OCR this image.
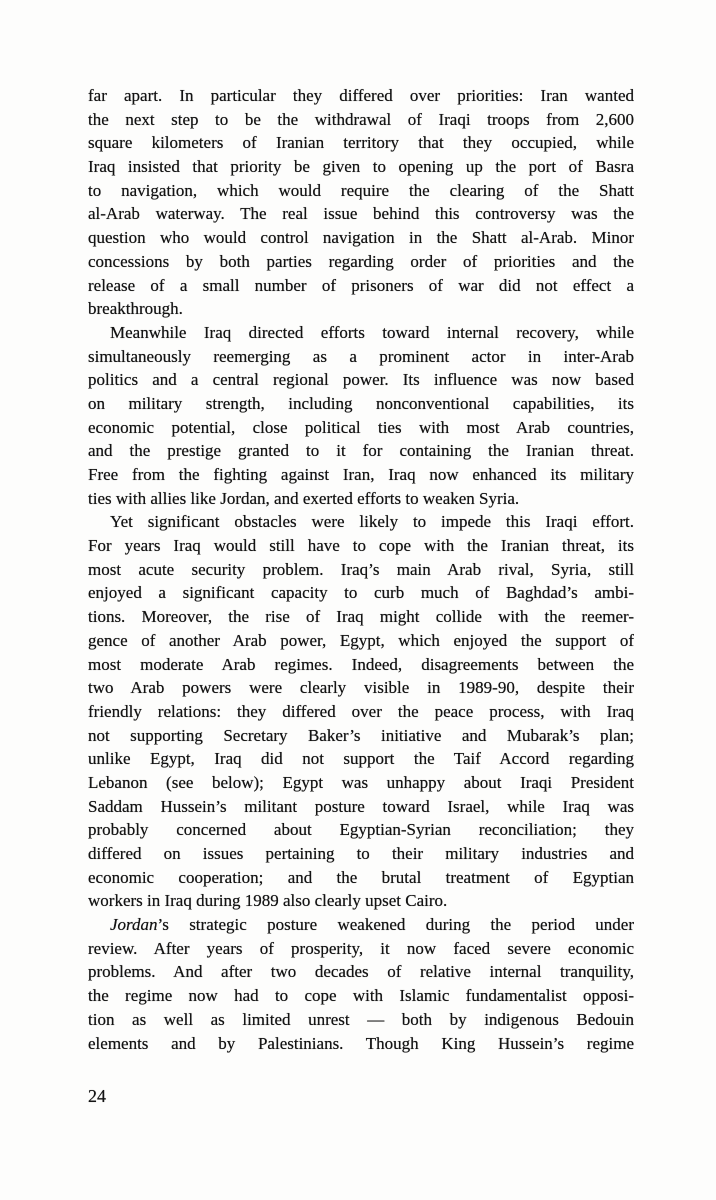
far apart. In particular they differed over priorities: Iran wanted
the next step to be the withdrawal of Iraqi troops from 2,600
square kilometers of Iranian territory that they occupied, while
Iraq insisted that priority be given to opening up the port of Basra
to navigation, which would require the clearing of the Shatt
al-Arab waterway. The real issue behind this controversy was the
question who would control navigation in the Shatt al-Arab. Minor
concessions by both parties regarding order of priorities and the
release of a small number of prisoners of war did not effect a
breakthrough.
Meanwhile Iraq directed efforts toward internal recovery, while
simultaneously reemerging as a prominent actor in inter-Arab
politics and a central regional power. Its influence was now based
on military strength, including nonconventional capabilities, its
economic potential, close political ties with most Arab countries,
and the prestige granted to it for containing the Iranian threat.
Free from the fighting against Iran, Iraq now enhanced its military
ties with allies like Jordan, and exerted efforts to weaken Syria.
Yet significant obstacles were likely to impede this Iraqi effort.
For years Iraq would still have to cope with the Iranian threat, its
most acute security problem. Iraq’s main Arab rival, Syria, still
enjoyed a significant capacity to curb much of Baghdad’s ambi-
tions. Moreover, the rise of Iraq might collide with the reemer-
gence of another Arab power, Egypt, which enjoyed the support of
most moderate Arab regimes. Indeed, disagreements between the
two Arab powers were clearly visible in 1989-90, despite their
friendly relations: they differed over the peace process, with Iraq
not supporting Secretary Baker’s initiative and Mubarak’s plan;
unlike Egypt, Iraq did not support the Taif Accord regarding
Lebanon (see below); Egypt was unhappy about Iraqi President
Saddam Hussein’s militant posture toward Israel, while Iraq was
probably concerned about Egyptian-Syrian reconciliation; they
differed on issues pertaining to their military industries and
economic cooperation; and the brutal treatment of Egyptian
workers in Iraq during 1989 also clearly upset Cairo.
Jordan’s strategic posture weakened during the period under
review. After years of prosperity, it now faced severe economic
problems. And after two decades of relative internal tranquility,
the regime now had to cope with Islamic fundamentalist opposi-
tion as well as limited unrest — both by indigenous Bedouin
elements and by Palestinians. Though King Hussein’s regime
24
